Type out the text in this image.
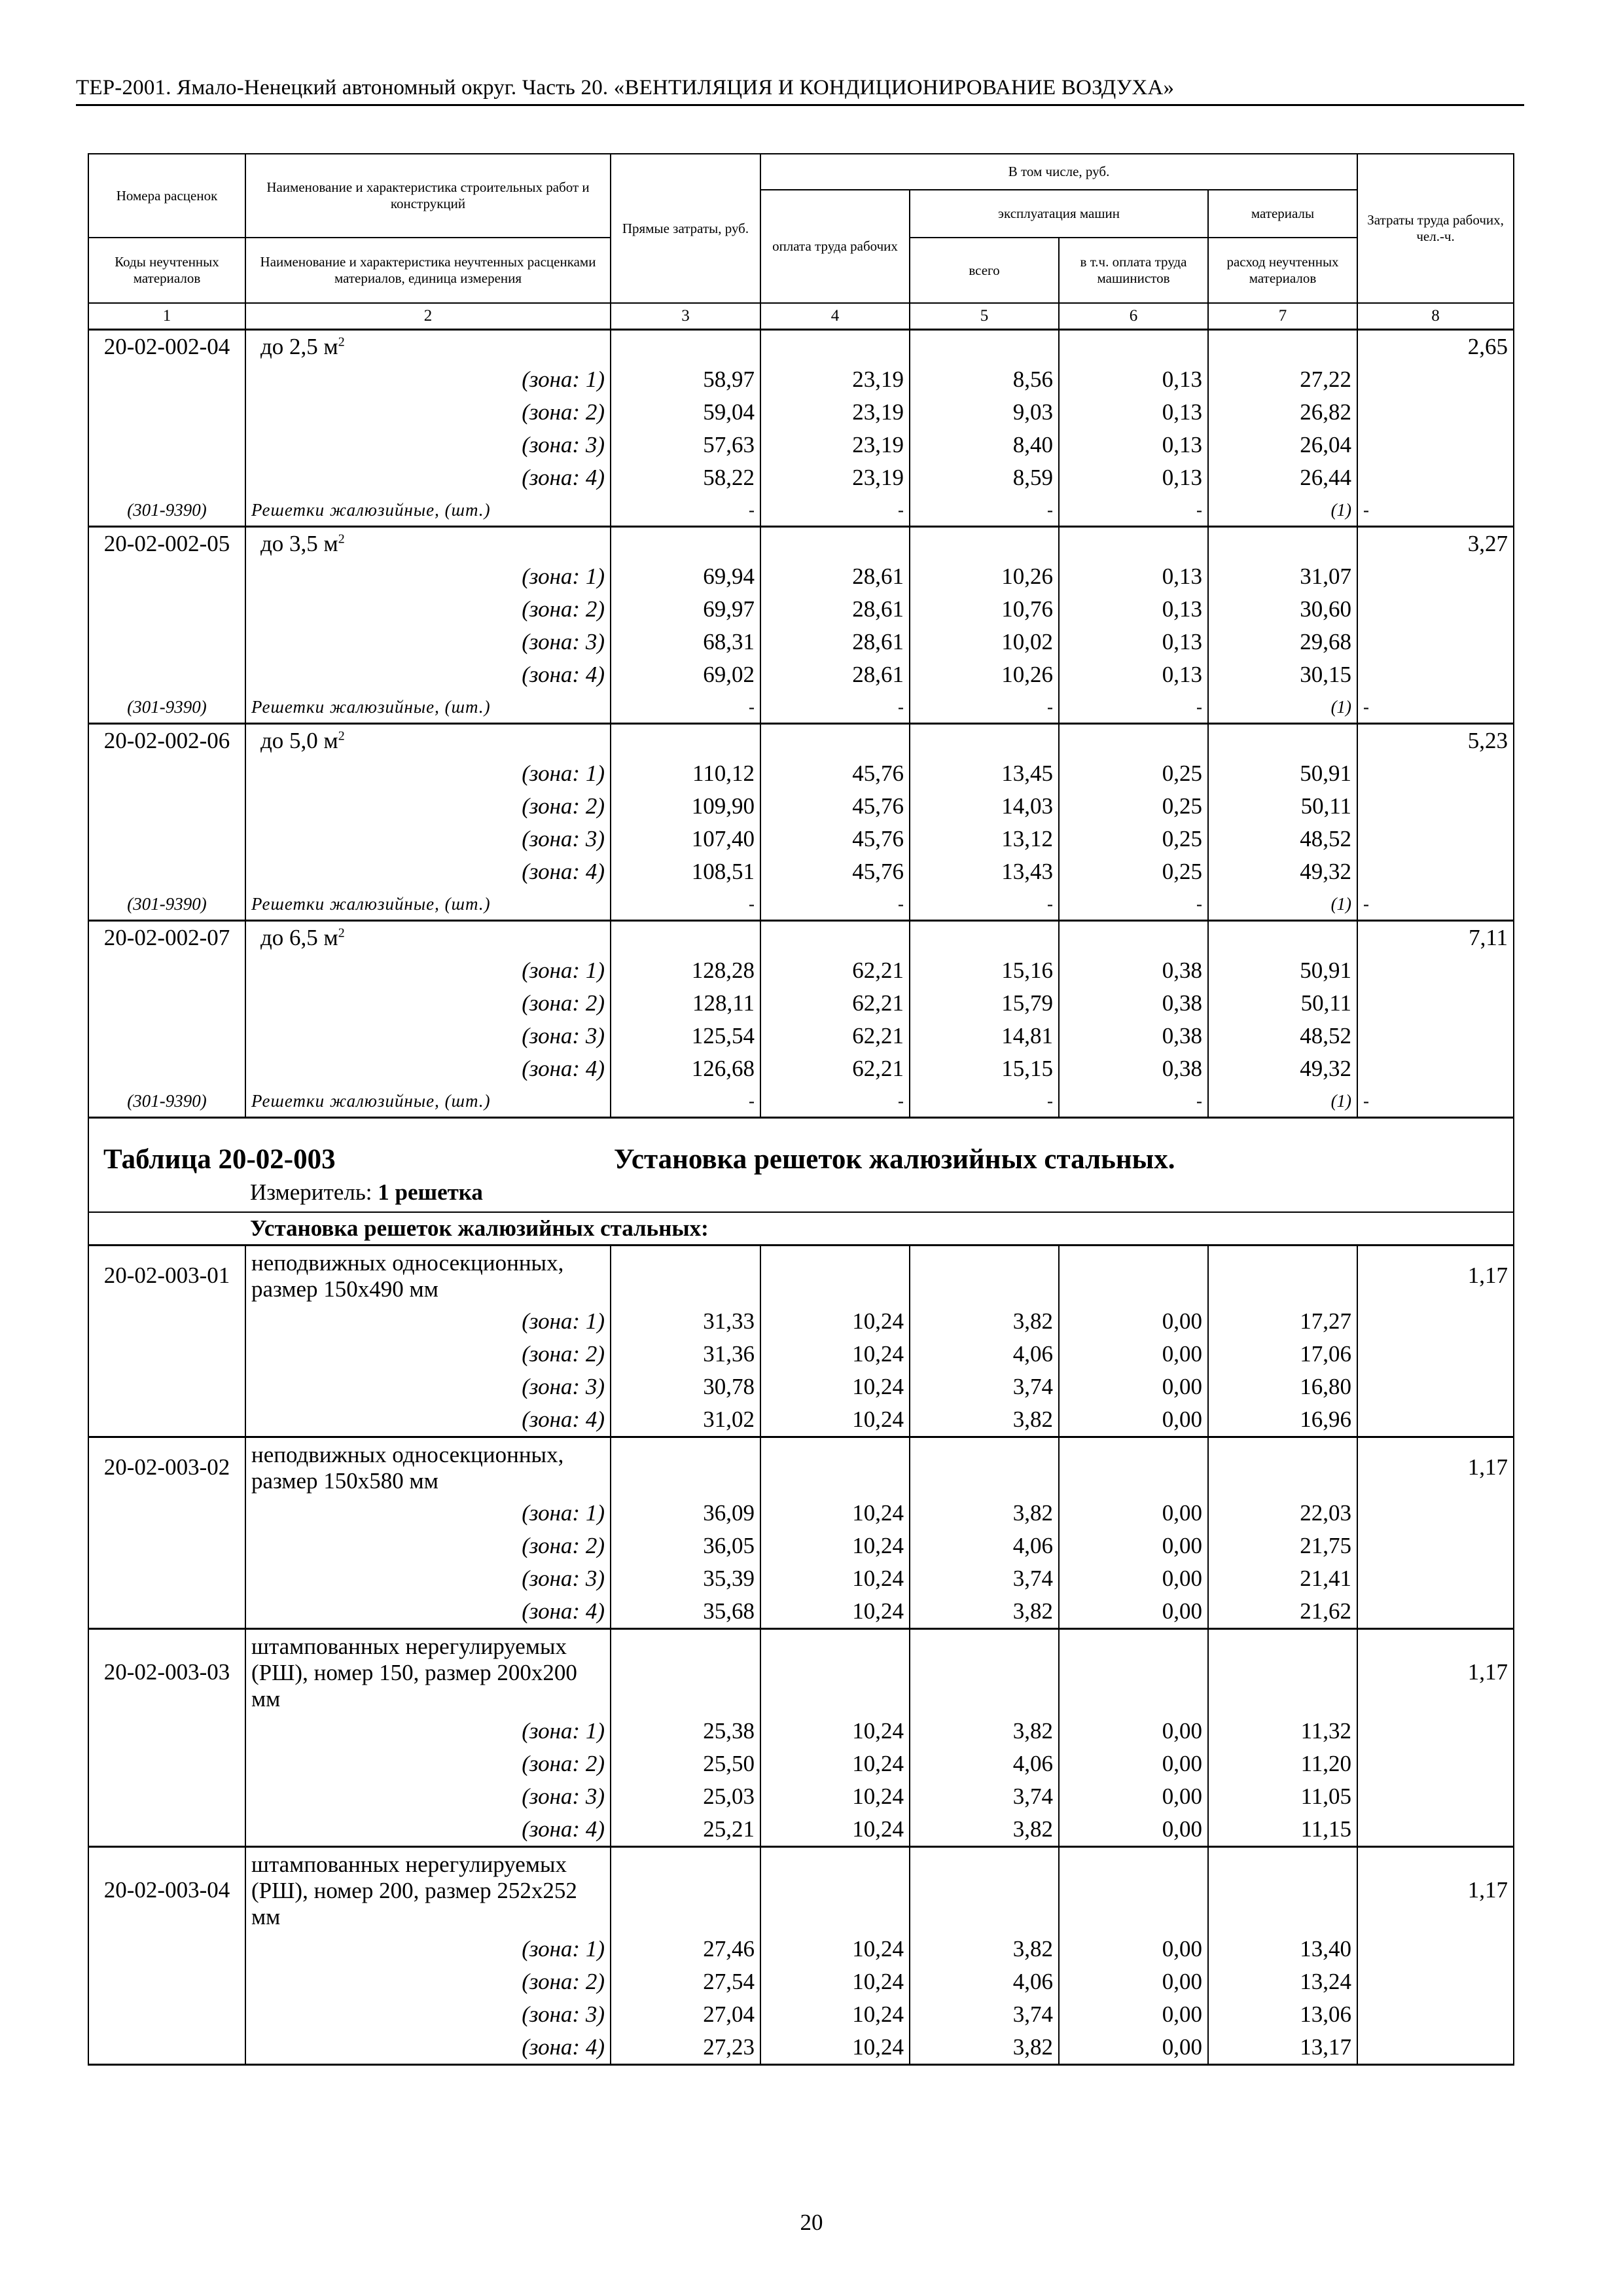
ТЕР-2001. Ямало-Ненецкий автономный округ. Часть 20. «ВЕНТИЛЯЦИЯ И КОНДИЦИОНИРОВАНИЕ ВОЗДУХА»
Номера расценок	Наименование и характеристика строительных работ и конструкций	Прямые затраты, руб.	В том числе, руб.				Затраты труда рабочих, чел.-ч.
			оплата труда рабочих	эксплуатация машин		материалы	
Коды неучтенных материалов	Наименование и характеристика неучтенных расценками материалов, единица измерения			всего	в т.ч. оплата труда машинистов	расход неучтенных материалов	

1	2	3	4	5	6	7	8
20-02-002-04	до 2,5 $м^2$						2,65
	(зона: 1)	58,97	23,19	8,56	0,13	27,22	
	(зона: 2)	59,04	23,19	9,03	0,13	26,82	
	(зона: 3)	57,63	23,19	8,40	0,13	26,04	
	(зона: 4)	58,22	23,19	8,59	0,13	26,44	
(301-9390)	Решетки жалюзийные, (шт.)	-	-	-	-	(1)	-
20-02-002-05	до 3,5 $м^2$						3,27
	(зона: 1)	69,94	28,61	10,26	0,13	31,07	
	(зона: 2)	69,97	28,61	10,76	0,13	30,60	
	(зона: 3)	68,31	28,61	10,02	0,13	29,68	
	(зона: 4)	69,02	28,61	10,26	0,13	30,15	
(301-9390)	Решетки жалюзийные, (шт.)	-	-	-	-	(1)	-
20-02-002-06	до 5,0 $м^2$						5,23
	(зона: 1)	110,12	45,76	13,45	0,25	50,91	
	(зона: 2)	109,90	45,76	14,03	0,25	50,11	
	(зона: 3)	107,40	45,76	13,12	0,25	48,52	
	(зона: 4)	108,51	45,76	13,43	0,25	49,32	
(301-9390)	Решетки жалюзийные, (шт.)	-	-	-	-	(1)	-
20-02-002-07	до 6,5 $м^2$						7,11
	(зона: 1)	128,28	62,21	15,16	0,38	50,91	
	(зона: 2)	128,11	62,21	15,79	0,38	50,11	
	(зона: 3)	125,54	62,21	14,81	0,38	48,52	
	(зона: 4)	126,68	62,21	15,15	0,38	49,32	
(301-9390)	Решетки жалюзийные, (шт.)	-	-	-	-	(1)	-

Таблица 20-02-003 Установка решеток жалюзийных стальных.
Измеритель: 1 решетка							

Установка решеток жалюзийных стальных:							
20-02-003-01	неподвижных односекционных, размер 150х490 мм						1,17
	(зона: 1)	31,33	10,24	3,82	0,00	17,27	
	(зона: 2)	31,36	10,24	4,06	0,00	17,06	
	(зона: 3)	30,78	10,24	3,74	0,00	16,80	
	(зона: 4)	31,02	10,24	3,82	0,00	16,96	
20-02-003-02	неподвижных односекционных, размер 150х580 мм						1,17
	(зона: 1)	36,09	10,24	3,82	0,00	22,03	
	(зона: 2)	36,05	10,24	4,06	0,00	21,75	
	(зона: 3)	35,39	10,24	3,74	0,00	21,41	
	(зона: 4)	35,68	10,24	3,82	0,00	21,62	
20-02-003-03	штампованных нерегулируемых (РШ), номер 150, размер 200х200 мм						1,17
	(зона: 1)	25,38	10,24	3,82	0,00	11,32	
	(зона: 2)	25,50	10,24	4,06	0,00	11,20	
	(зона: 3)	25,03	10,24	3,74	0,00	11,05	
	(зона: 4)	25,21	10,24	3,82	0,00	11,15	
20-02-003-04	штампованных нерегулируемых (РШ), номер 200, размер 252х252 мм						1,17
	(зона: 1)	27,46	10,24	3,82	0,00	13,40	
	(зона: 2)	27,54	10,24	4,06	0,00	13,24	
	(зона: 3)	27,04	10,24	3,74	0,00	13,06	
	(зона: 4)	27,23	10,24	3,82	0,00	13,17	
20
